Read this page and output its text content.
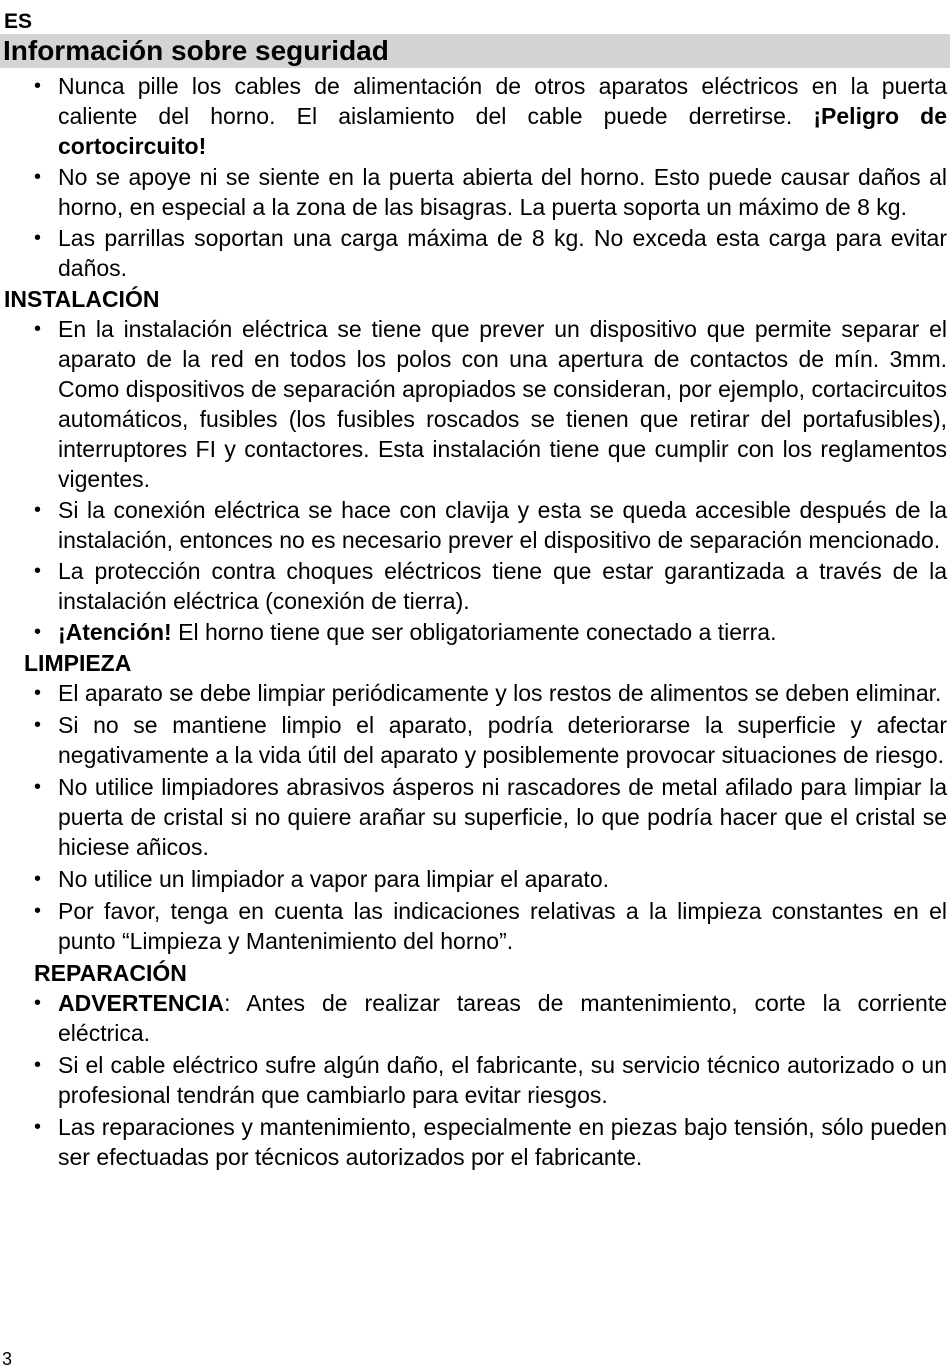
ES
Información sobre seguridad
• Nunca pille los cables de alimentación de otros aparatos eléctricos en la puerta caliente del horno. El aislamiento del cable puede derretirse. ¡Peligro de cortocircuito!
• No se apoye ni se siente en la puerta abierta del horno. Esto puede causar daños al horno, en especial a la zona de las bisagras. La puerta soporta un máximo de 8 kg.
• Las parrillas soportan una carga máxima de 8 kg. No exceda esta carga para evitar daños.
INSTALACIÓN
• En la instalación eléctrica se tiene que prever un dispositivo que permite separar el aparato de la red en todos los polos con una apertura de contactos de mín. 3mm. Como dispositivos de separación apropiados se consideran, por ejemplo, cortacircuitos automáticos, fusibles (los fusibles roscados se tienen que retirar del portafusibles), interruptores FI y contactores. Esta instalación tiene que cumplir con los reglamentos vigentes.
• Si la conexión eléctrica se hace con clavija y esta se queda accesible después de la instalación, entonces no es necesario prever el dispositivo de separación mencionado.
• La protección contra choques eléctricos tiene que estar garantizada a través de la instalación eléctrica (conexión de tierra).
• ¡Atención! El horno tiene que ser obligatoriamente conectado a tierra.
LIMPIEZA
• El aparato se debe limpiar periódicamente y los restos de alimentos se deben eliminar.
• Si no se mantiene limpio el aparato, podría deteriorarse la superficie y afectar negativamente a la vida útil del aparato y posiblemente provocar situaciones de riesgo.
• No utilice limpiadores abrasivos ásperos ni rascadores de metal afilado para limpiar la puerta de cristal si no quiere arañar su superficie, lo que podría hacer que el cristal se hiciese añicos.
• No utilice un limpiador a vapor para limpiar el aparato.
• Por favor, tenga en cuenta las indicaciones relativas a la limpieza constantes en el punto “Limpieza y Mantenimiento del horno”.
REPARACIÓN
• ADVERTENCIA: Antes de realizar tareas de mantenimiento, corte la corriente eléctrica.
• Si el cable eléctrico sufre algún daño, el fabricante, su servicio técnico autorizado o un profesional tendrán que cambiarlo para evitar riesgos.
• Las reparaciones y mantenimiento, especialmente en piezas bajo tensión, sólo pueden ser efectuadas por técnicos autorizados por el fabricante.
3
